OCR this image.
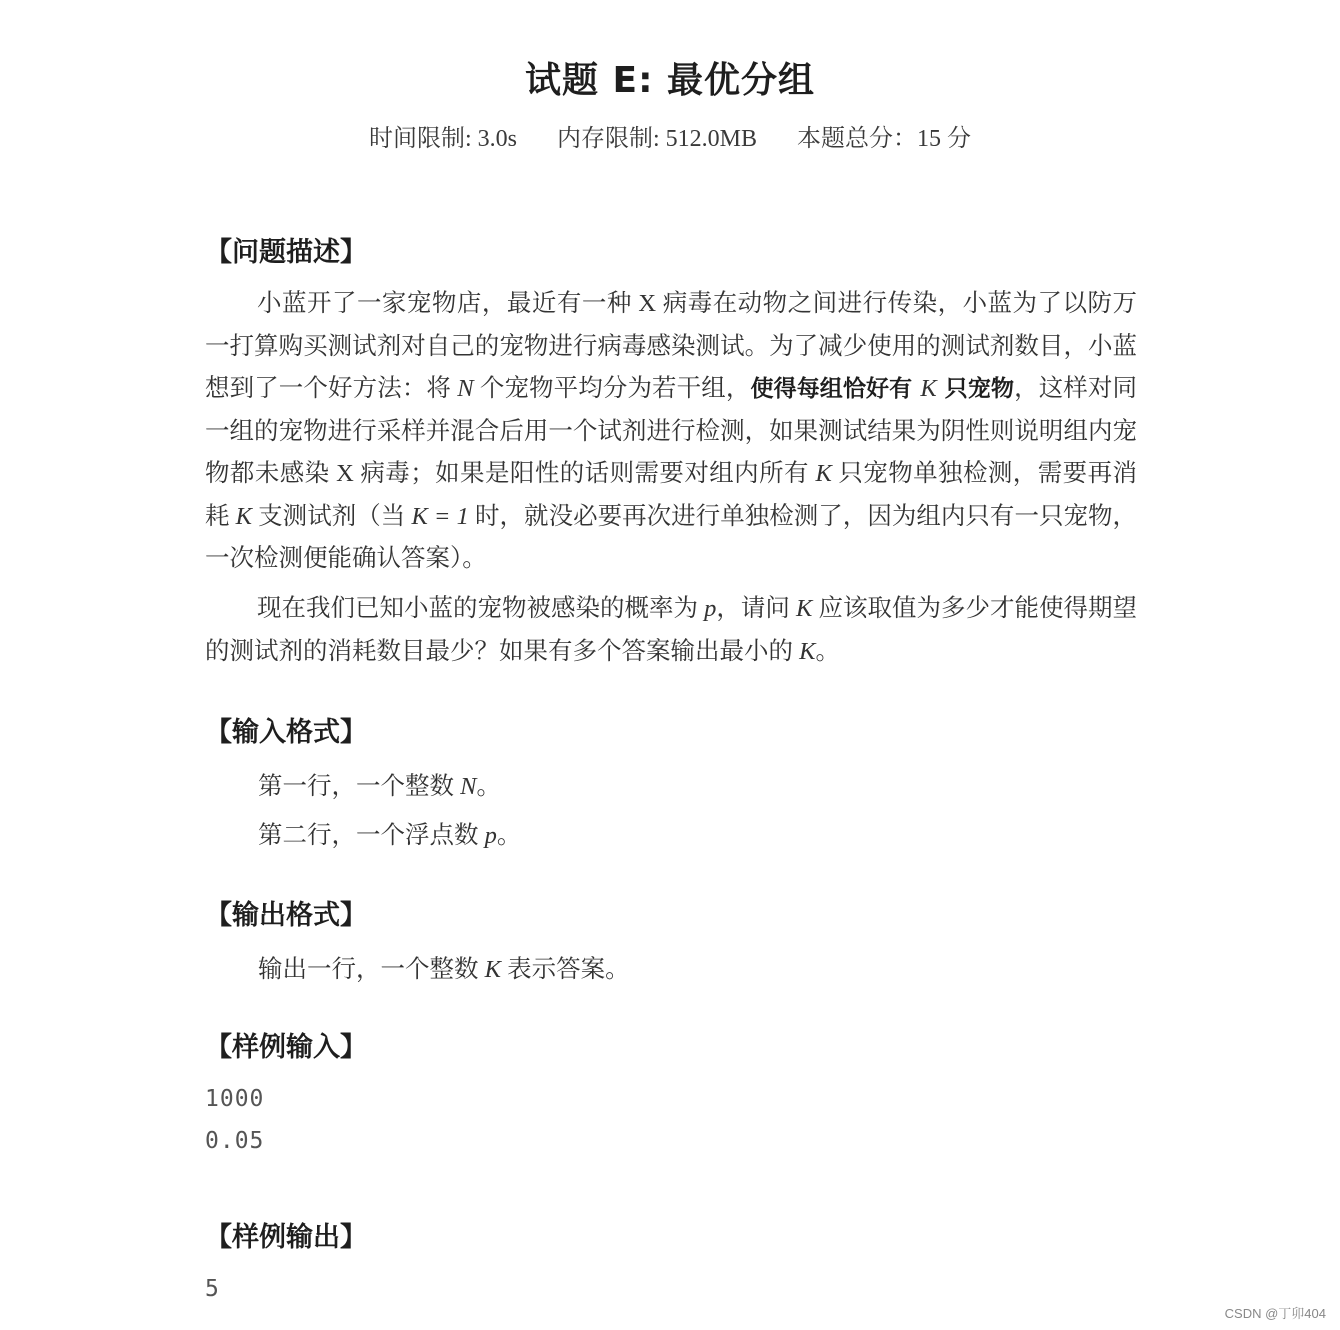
试题 E: 最优分组
时间限制: 3.0s 内存限制: 512.0MB 本题总分：15 分
【问题描述】
小蓝开了一家宠物店，最近有一种 X 病毒在动物之间进行传染，小蓝为了以防万一打算购买测试剂对自己的宠物进行病毒感染测试。为了减少使用的测试剂数目，小蓝想到了一个好方法：将 N 个宠物平均分为若干组，使得每组恰好有 K 只宠物，这样对同一组的宠物进行采样并混合后用一个试剂进行检测，如果测试结果为阴性则说明组内宠物都未感染 X 病毒；如果是阳性的话则需要对组内所有 K 只宠物单独检测，需要再消耗 K 支测试剂（当 K = 1 时，就没必要再次进行单独检测了，因为组内只有一只宠物，一次检测便能确认答案）。
现在我们已知小蓝的宠物被感染的概率为 p，请问 K 应该取值为多少才能使得期望的测试剂的消耗数目最少？如果有多个答案输出最小的 K。
【输入格式】
第一行，一个整数 N。
第二行，一个浮点数 p。
【输出格式】
输出一行，一个整数 K 表示答案。
【样例输入】
1000
0.05
【样例输出】
5
CSDN @丁卯404
